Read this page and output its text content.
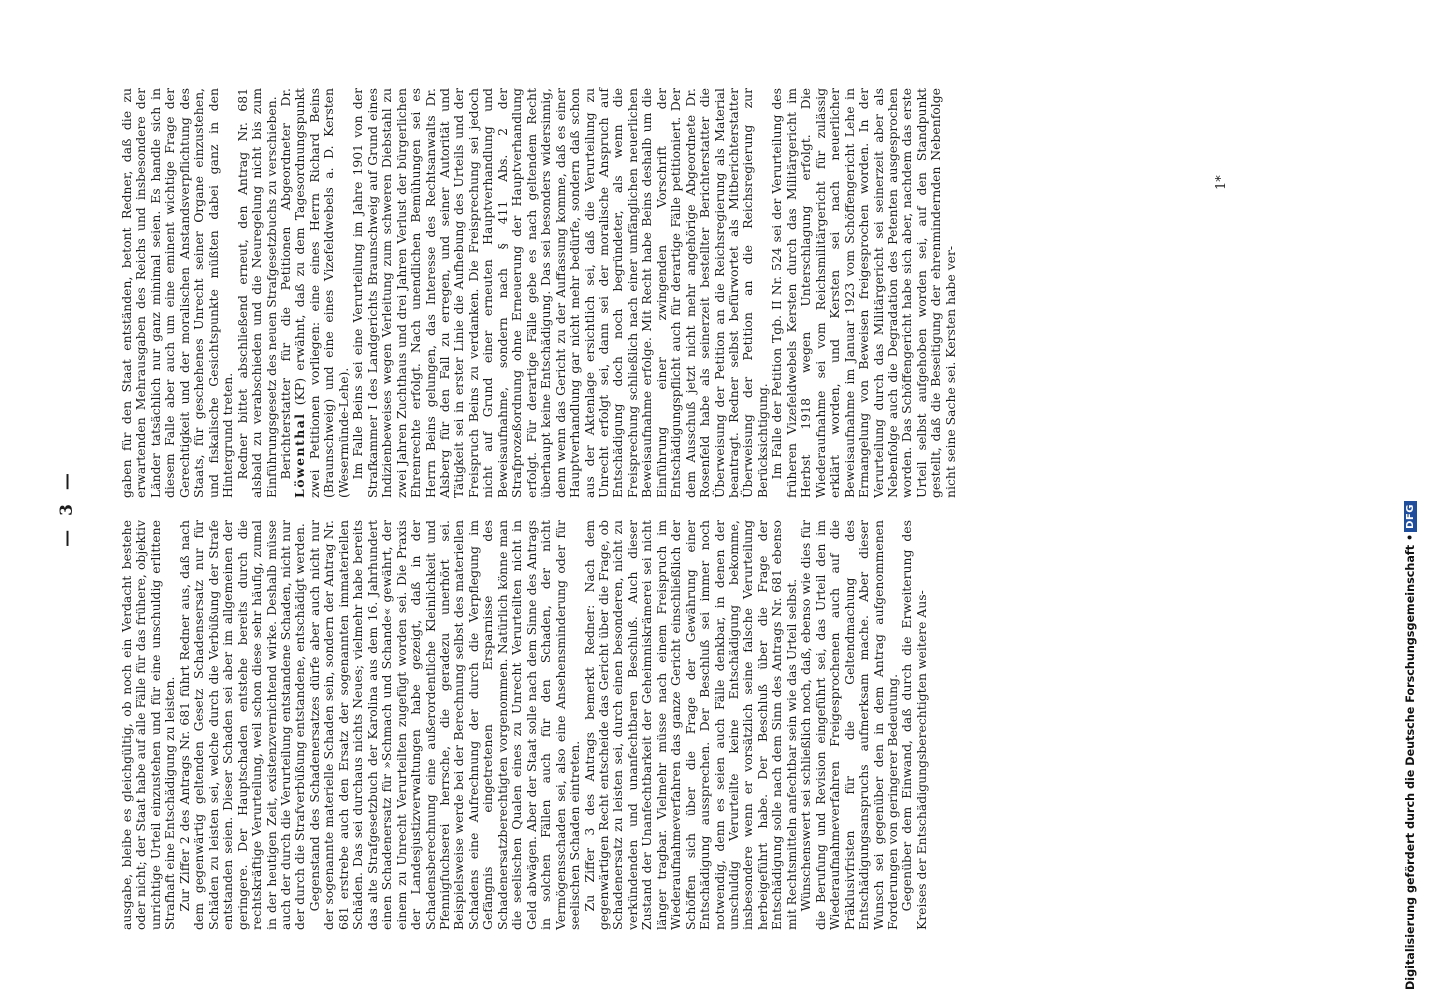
— 3 —

ausgabe, bleibe es gleichgültig, ob noch ein Verdacht bestehe oder nicht; der Staat habe auf alle Fälle für das frühere, objektiv unrichtige Urteil einzustehen und für eine unschuldig erlittene Strafhaft eine Entschädigung zu leisten. Zur Ziffer 2 des Antrags Nr. 681 führt Redner aus, daß nach dem gegenwärtig geltenden Gesetz Schadensersatz nur für Schäden zu leisten sei, welche durch die Verbüßung der Strafe entstanden seien. Dieser Schaden sei aber im allgemeinen der geringere. Der Hauptschaden entstehe bereits durch die rechtskräftige Verurteilung, weil schon diese sehr häufig, zumal in der heutigen Zeit, existenzvernichtend wirke. Deshalb müsse auch der durch die Verurteilung entstandene Schaden, nicht nur der durch die Strafverbüßung entstandene, entschädigt werden. Gegenstand des Schadenersatzes dürfe aber auch nicht nur der sogenannte materielle Schaden sein, sondern der Antrag Nr. 681 erstrebe auch den Ersatz der sogenannten immateriellen Schäden. Das sei durchaus nichts Neues; vielmehr habe bereits das alte Strafgesetzbuch der Karolina aus dem 16. Jahrhundert einen Schadenersatz für »Schmach und Schande« gewährt, der einem zu Unrecht Verurteilten zugefügt worden sei. Die Praxis der Landesjustizverwaltungen habe gezeigt, daß in der Schadensberechnung eine außerordentliche Kleinlichkeit und Pfennigfuchserei herrsche, die geradezu unerhört sei. Beispielsweise werde bei der Berechnung selbst des materiellen Schadens eine Aufrechnung der durch die Verpflegung im Gefängnis eingetretenen Ersparnisse des Schadenersatzberechtigten vorgenommen. Natürlich könne man die seelischen Qualen eines zu Unrecht Verurteilten nicht in Geld abwägen. Aber der Staat solle nach dem Sinne des Antrags in solchen Fällen auch für den Schaden, der nicht Vermögensschaden sei, also eine Ansehensminderung oder für seelischen Schaden eintreten. Zu Ziffer 3 des Antrags bemerkt Redner: Nach dem gegenwärtigen Recht entscheide das Gericht über die Frage, ob Schadenersatz zu leisten sei, durch einen besonderen, nicht zu verkündenden und unanfechtbaren Beschluß. Auch dieser Zustand der Unanfechtbarkeit der Geheimniskrämerei sei nicht länger tragbar. Vielmehr müsse nach einem Freispruch im Wiederaufnahmeverfahren das ganze Gericht einschließlich der Schöffen sich über die Frage der Gewährung einer Entschädigung aussprechen. Der Beschluß sei immer noch notwendig, denn es seien auch Fälle denkbar, in denen der unschuldig Verurteilte keine Entschädigung bekomme, insbesondere wenn er vorsätzlich seine falsche Verurteilung herbeigeführt habe. Der Beschluß über die Frage der Entschädigung solle nach dem Sinn des Antrags Nr. 681 ebenso mit Rechtsmitteln anfechtbar sein wie das Urteil selbst. Wünschenswert sei schließlich noch, daß, ebenso wie dies für die Berufung und Revision eingeführt sei, das Urteil den im Wiederaufnahmeverfahren Freigesprochenen auch auf die Präklusivfristen für die Geltendmachung des Entschädigungsanspruchs aufmerksam mache. Aber dieser Wunsch sei gegenüber den in dem Antrag aufgenommenen Forderungen von geringerer Bedeutung. Gegenüber dem Einwand, daß durch die Erweiterung des Kreises der Entschädigungsberechtigten weitere Aus-

gaben für den Staat entständen, betont Redner, daß die zu erwartenden Mehrausgaben des Reichs und insbesondere der Länder tatsächlich nur ganz minimal seien. Es handle sich in diesem Falle aber auch um eine eminent wichtige Frage der Gerechtigkeit und der moralischen Anstandsverpflichtung des Staats, für geschehenes Unrecht seiner Organe einzustehen, und fiskalische Gesichtspunkte müßten dabei ganz in den Hintergrund treten. Redner bittet abschließend erneut, den Antrag Nr. 681 alsbald zu verabschieden und die Neuregelung nicht bis zum Einführungsgesetz des neuen Strafgesetzbuchs zu verschieben. Berichterstatter für die Petitionen Abgeordneter Dr. Löwenthal (KP) erwähnt, daß zu dem Tagesordnungspunkt zwei Petitionen vorliegen: eine eines Herrn Richard Beins (Braunschweig) und eine eines Vizefeldwebels a. D. Kersten (Wesermünde-Lehe). Im Falle Beins sei eine Verurteilung im Jahre 1901 von der Strafkammer I des Landgerichts Braunschweig auf Grund eines Indizienbeweises wegen Verleitung zum schweren Diebstahl zu zwei Jahren Zuchthaus und drei Jahren Verlust der bürgerlichen Ehrenrechte erfolgt. Nach unendlichen Bemühungen sei es Herrn Beins gelungen, das Interesse des Rechtsanwalts Dr. Alsberg für den Fall zu erregen, und seiner Autorität und Tätigkeit sei in erster Linie die Aufhebung des Urteils und der Freispruch Beins zu verdanken. Die Freisprechung sei jedoch nicht auf Grund einer erneuten Hauptverhandlung und Beweisaufnahme, sondern nach § 411 Abs. 2 der Strafprozeßordnung ohne Erneuerung der Hauptverhandlung erfolgt. Für derartige Fälle gebe es nach geltendem Recht überhaupt keine Entschädigung. Das sei besonders widersinnig, denn wenn das Gericht zu der Auffassung komme, daß es einer Hauptverhandlung gar nicht mehr bedürfe, sondern daß schon aus der Aktenlage ersichtlich sei, daß die Verurteilung zu Unrecht erfolgt sei, dann sei der moralische Anspruch auf Entschädigung doch noch begründeter, als wenn die Freisprechung schließlich nach einer umfänglichen neuerlichen Beweisaufnahme erfolge. Mit Recht habe Beins deshalb um die Einführung einer zwingenden Vorschrift der Entschädigungspflicht auch für derartige Fälle petitioniert. Der dem Ausschuß jetzt nicht mehr angehörige Abgeordnete Dr. Rosenfeld habe als seinerzeit bestellter Berichterstatter die Überweisung der Petition an die Reichsregierung als Material beantragt. Redner selbst befürwortet als Mitberichterstatter Überweisung der Petition an die Reichsregierung zur Berücksichtigung. Im Falle der Petition Tgb. II Nr. 524 sei der Verurteilung des früheren Vizefeldwebels Kersten durch das Militärgericht im Herbst 1918 wegen Unterschlagung erfolgt. Die Wiederaufnahme sei vom Reichsmilitärgericht für zulässig erklärt worden, und Kersten sei nach neuerlicher Beweisaufnahme im Januar 1923 vom Schöffengericht Lehe in Ermangelung von Beweisen freigesprochen worden. In der Verurteilung durch das Militärgericht sei seinerzeit aber als Nebenfolge auch die Degradation des Petenten ausgesprochen worden. Das Schöffengericht habe sich aber, nachdem das erste Urteil selbst aufgehoben worden sei, auf den Standpunkt gestellt, daß die Beseitigung der ehrenmindernden Nebenfolge nicht seine Sache sei. Kersten habe ver-

1*
Digitalisierung gefördert durch die Deutsche Forschungsgemeinschaft •
DFG
